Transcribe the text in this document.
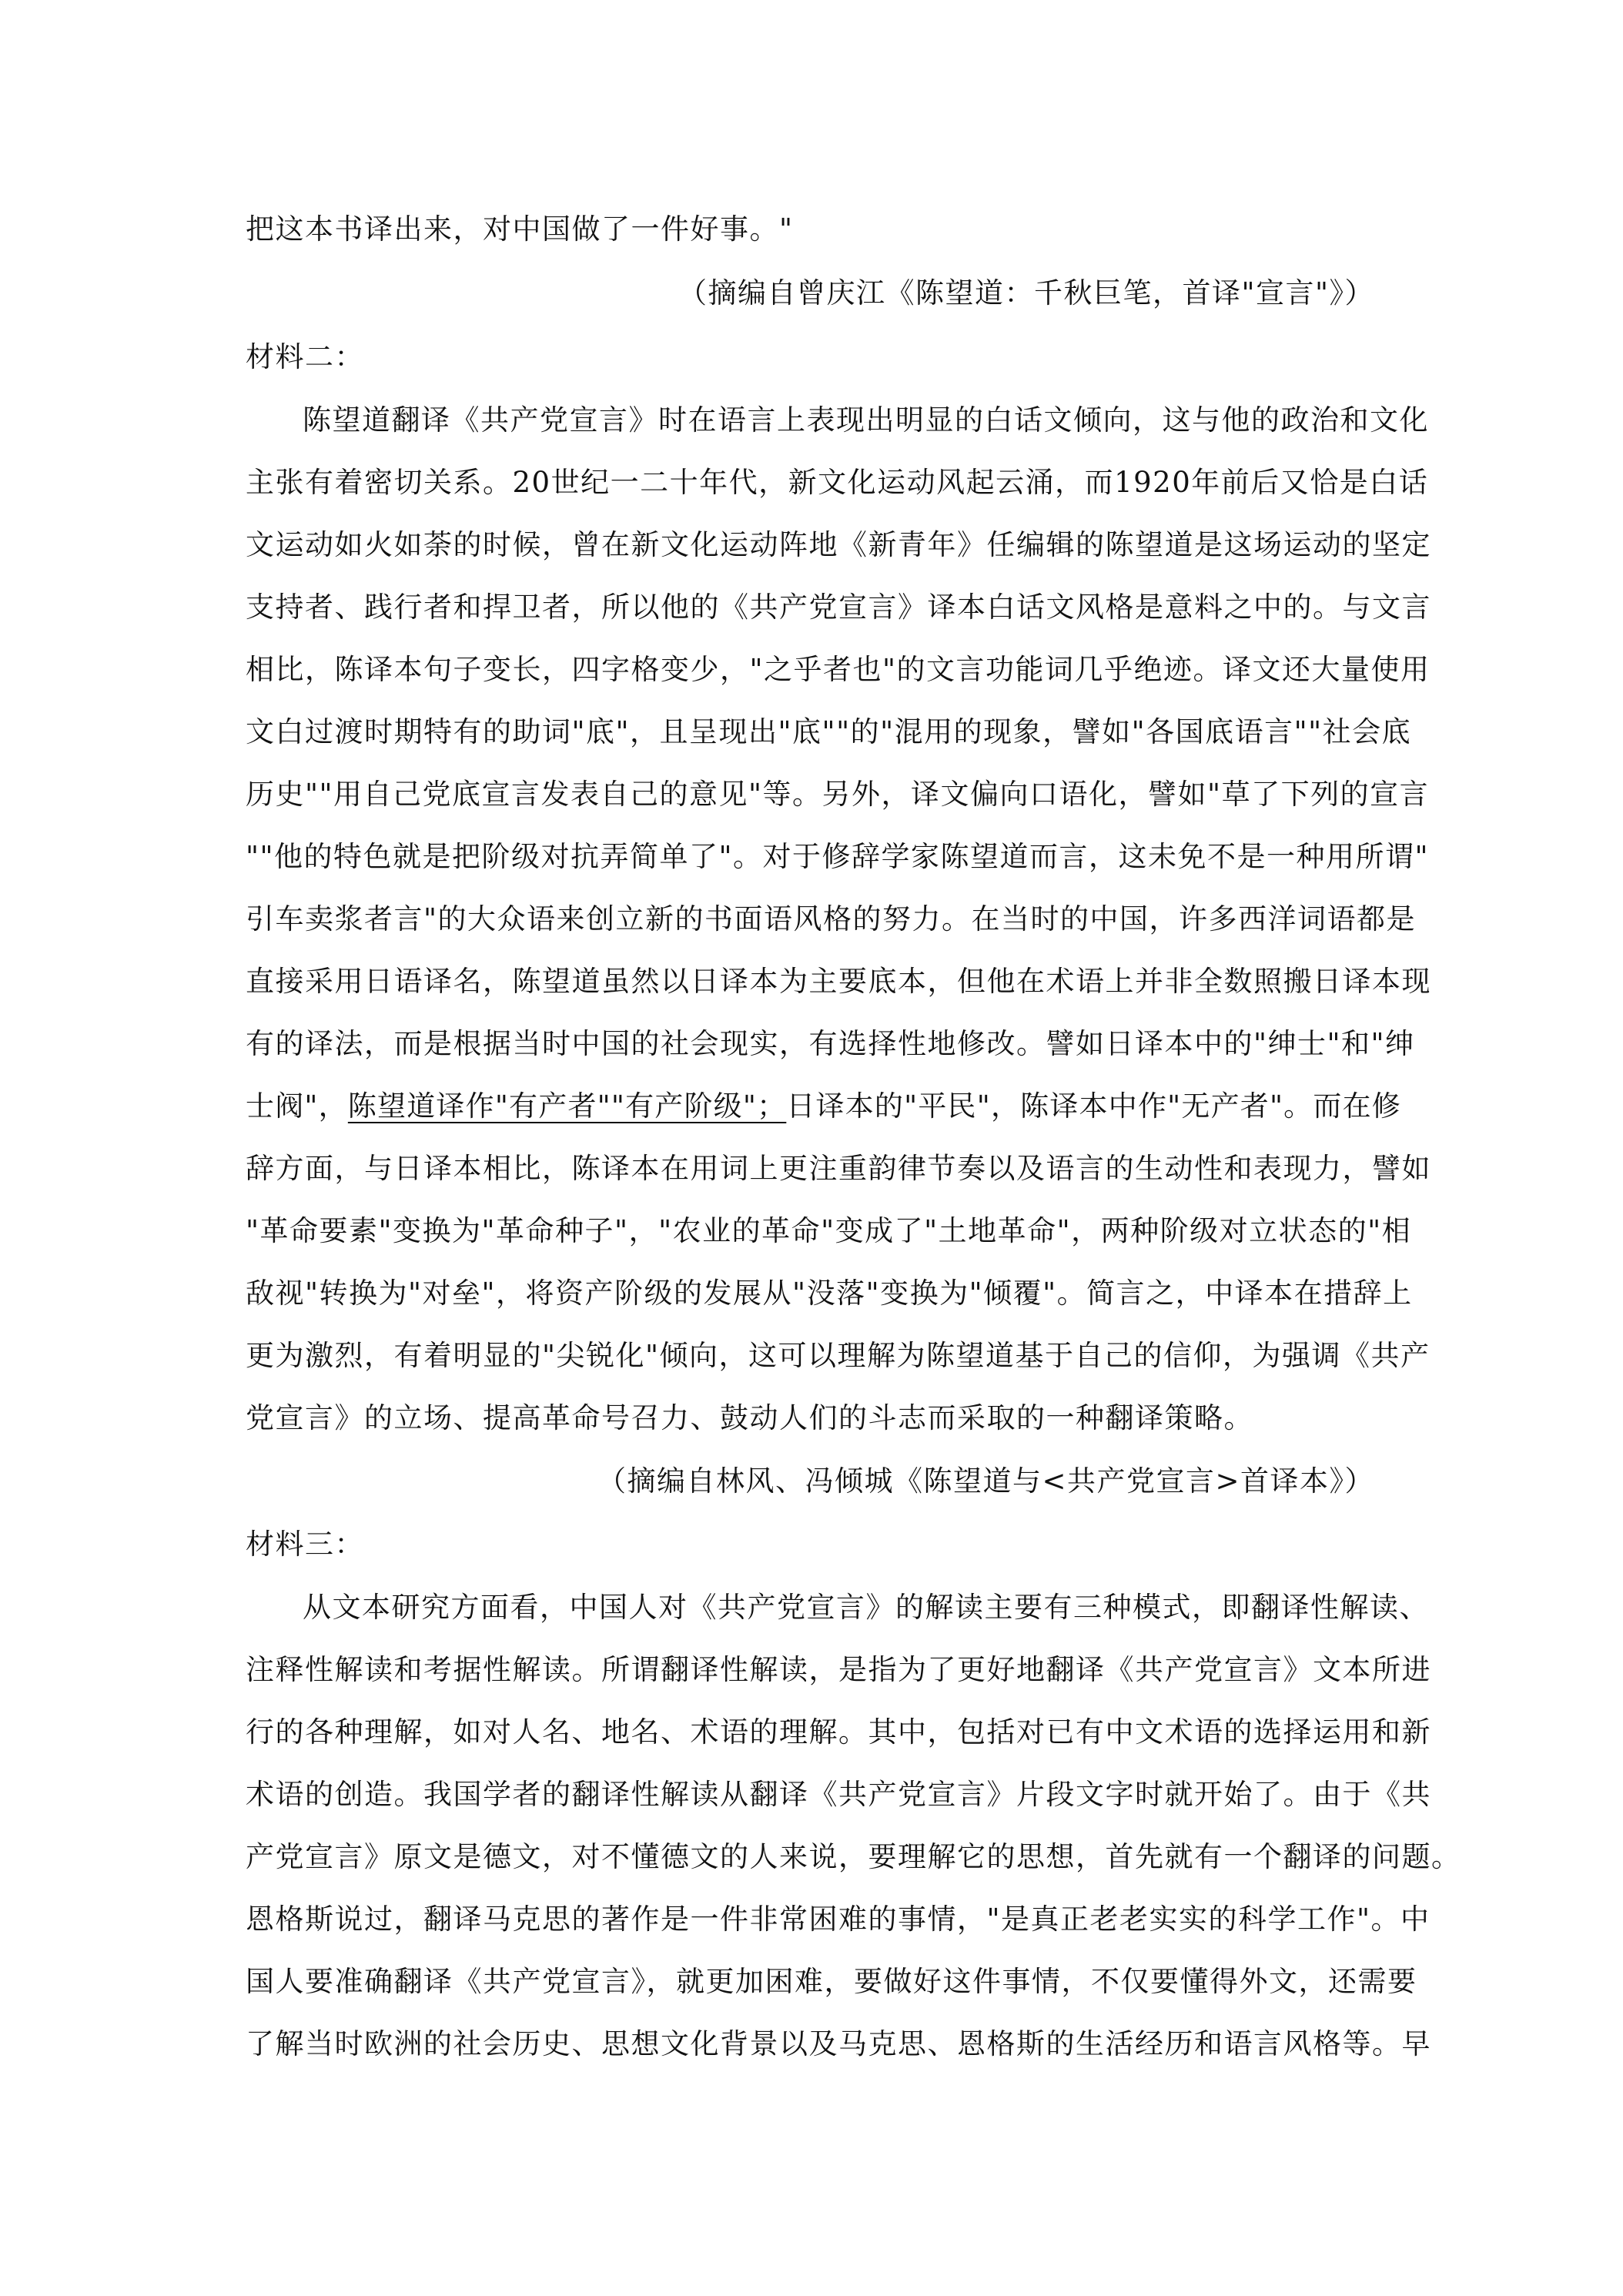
把这本书译出来，对中国做了一件好事。"
（摘编自曾庆江《陈望道：千秋巨笔，首译"宣言"》）
材料二：
陈望道翻译《共产党宣言》时在语言上表现出明显的白话文倾向，这与他的政治和文化
主张有着密切关系。20世纪一二十年代，新文化运动风起云涌，而1920年前后又恰是白话
文运动如火如荼的时候，曾在新文化运动阵地《新青年》任编辑的陈望道是这场运动的坚定
支持者、践行者和捍卫者，所以他的《共产党宣言》译本白话文风格是意料之中的。与文言
相比，陈译本句子变长，四字格变少，"之乎者也"的文言功能词几乎绝迹。译文还大量使用
文白过渡时期特有的助词"底"，且呈现出"底""的"混用的现象，譬如"各国底语言""社会底
历史""用自己党底宣言发表自己的意见"等。另外，译文偏向口语化，譬如"草了下列的宣言
""他的特色就是把阶级对抗弄简单了"。对于修辞学家陈望道而言，这未免不是一种用所谓"
引车卖浆者言"的大众语来创立新的书面语风格的努力。在当时的中国，许多西洋词语都是
直接采用日语译名，陈望道虽然以日译本为主要底本，但他在术语上并非全数照搬日译本现
有的译法，而是根据当时中国的社会现实，有选择性地修改。譬如日译本中的"绅士"和"绅
士阀"，陈望道译作"有产者""有产阶级"；日译本的"平民"，陈译本中作"无产者"。而在修
辞方面，与日译本相比，陈译本在用词上更注重韵律节奏以及语言的生动性和表现力，譬如
"革命要素"变换为"革命种子"，"农业的革命"变成了"土地革命"，两种阶级对立状态的"相
敌视"转换为"对垒"，将资产阶级的发展从"没落"变换为"倾覆"。简言之，中译本在措辞上
更为激烈，有着明显的"尖锐化"倾向，这可以理解为陈望道基于自己的信仰，为强调《共产
党宣言》的立场、提高革命号召力、鼓动人们的斗志而采取的一种翻译策略。
（摘编自林风、冯倾城《陈望道与<共产党宣言>首译本》）
材料三：
从文本研究方面看，中国人对《共产党宣言》的解读主要有三种模式，即翻译性解读、
注释性解读和考据性解读。所谓翻译性解读，是指为了更好地翻译《共产党宣言》文本所进
行的各种理解，如对人名、地名、术语的理解。其中，包括对已有中文术语的选择运用和新
术语的创造。我国学者的翻译性解读从翻译《共产党宣言》片段文字时就开始了。由于《共
产党宣言》原文是德文，对不懂德文的人来说，要理解它的思想，首先就有一个翻译的问题。
恩格斯说过，翻译马克思的著作是一件非常困难的事情，"是真正老老实实的科学工作"。中
国人要准确翻译《共产党宣言》，就更加困难，要做好这件事情，不仅要懂得外文，还需要
了解当时欧洲的社会历史、思想文化背景以及马克思、恩格斯的生活经历和语言风格等。早
